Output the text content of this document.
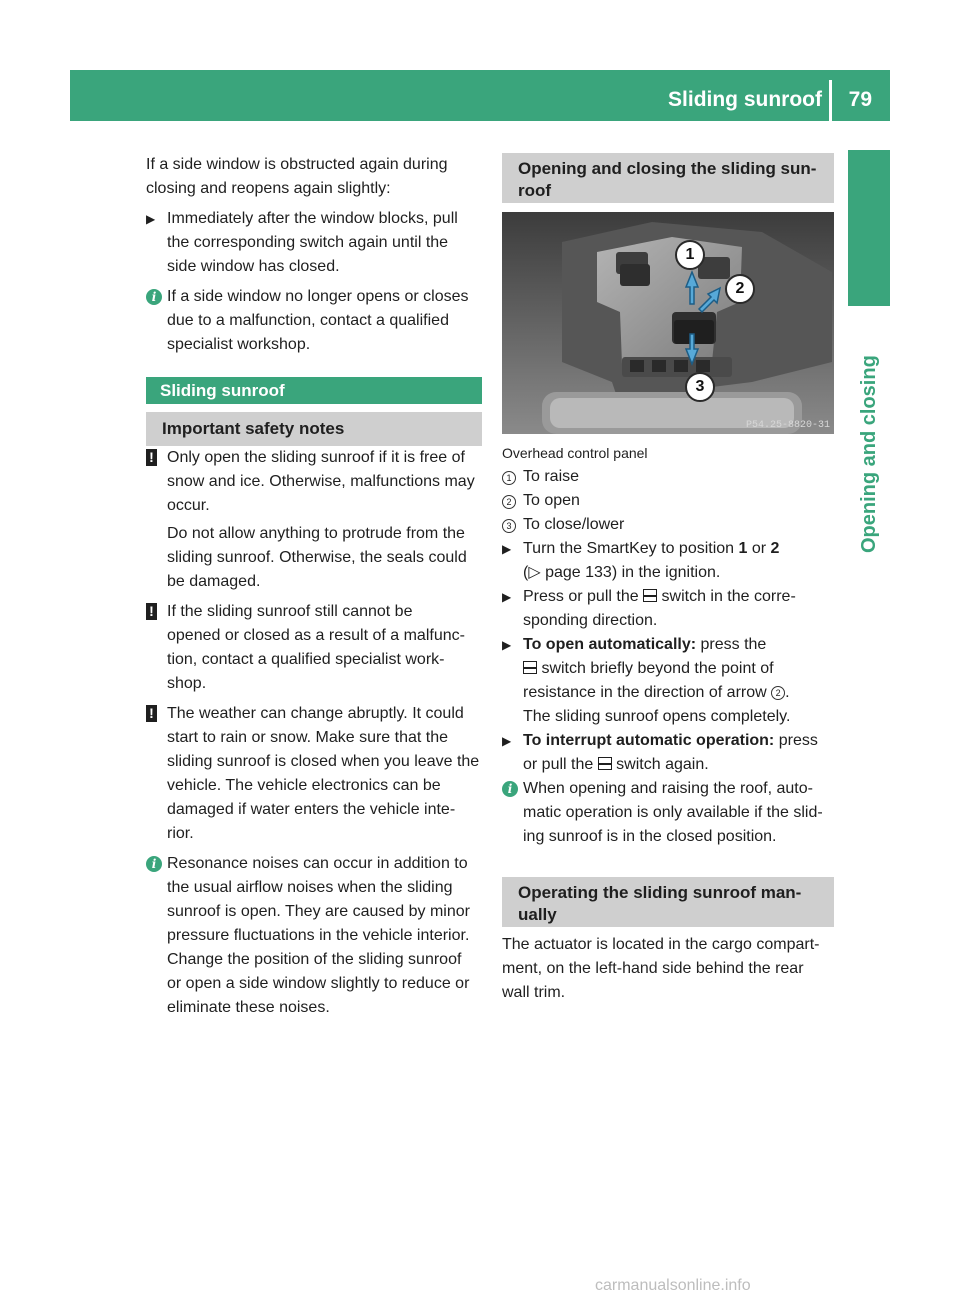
Sliding sunroof 79
Opening and closing

If a side window is obstructed again during

closing and reopens again slightly:

▶ Immediately after the window blocks, pull

the corresponding switch again until the

side window has closed.

i If a side window no longer opens or closes

due to a malfunction, contact a qualified

specialist workshop.

Sliding sunroof
Important safety notes
! Only open the sliding sunroof if it is free of

snow and ice. Otherwise, malfunctions may

occur.

Do not allow anything to protrude from the

sliding sunroof. Otherwise, the seals could

be damaged.

! If the sliding sunroof still cannot be

opened or closed as a result of a malfunc-

tion, contact a qualified specialist work-

shop.

! The weather can change abruptly. It could

start to rain or snow. Make sure that the

sliding sunroof is closed when you leave the

vehicle. The vehicle electronics can be

damaged if water enters the vehicle inte-

rior.

i Resonance noises can occur in addition to

the usual airflow noises when the sliding

sunroof is open. They are caused by minor

pressure fluctuations in the vehicle interior.

Change the position of the sliding sunroof

or open a side window slightly to reduce or

eliminate these noises.

Opening and closing the sliding sun-
roof
1
2
3
P54.25-8820-31

Overhead control panel

1 To raise

2 To open

3 To close/lower

▶ Turn the SmartKey to position 1 or 2

(▷ page 133) in the ignition.

▶ Press or pull the  switch in the corre-

sponding direction.

▶ To open automatically: press the

switch briefly beyond the point of

resistance in the direction of arrow 2 .

The sliding sunroof opens completely.

▶ To interrupt automatic operation: press

or pull the  switch again.

i When opening and raising the roof, auto-

matic operation is only available if the slid-

ing sunroof is in the closed position.

Operating the sliding sunroof man-
ually

The actuator is located in the cargo compart-

ment, on the left-hand side behind the rear

wall trim.

carmanualsonline.info
